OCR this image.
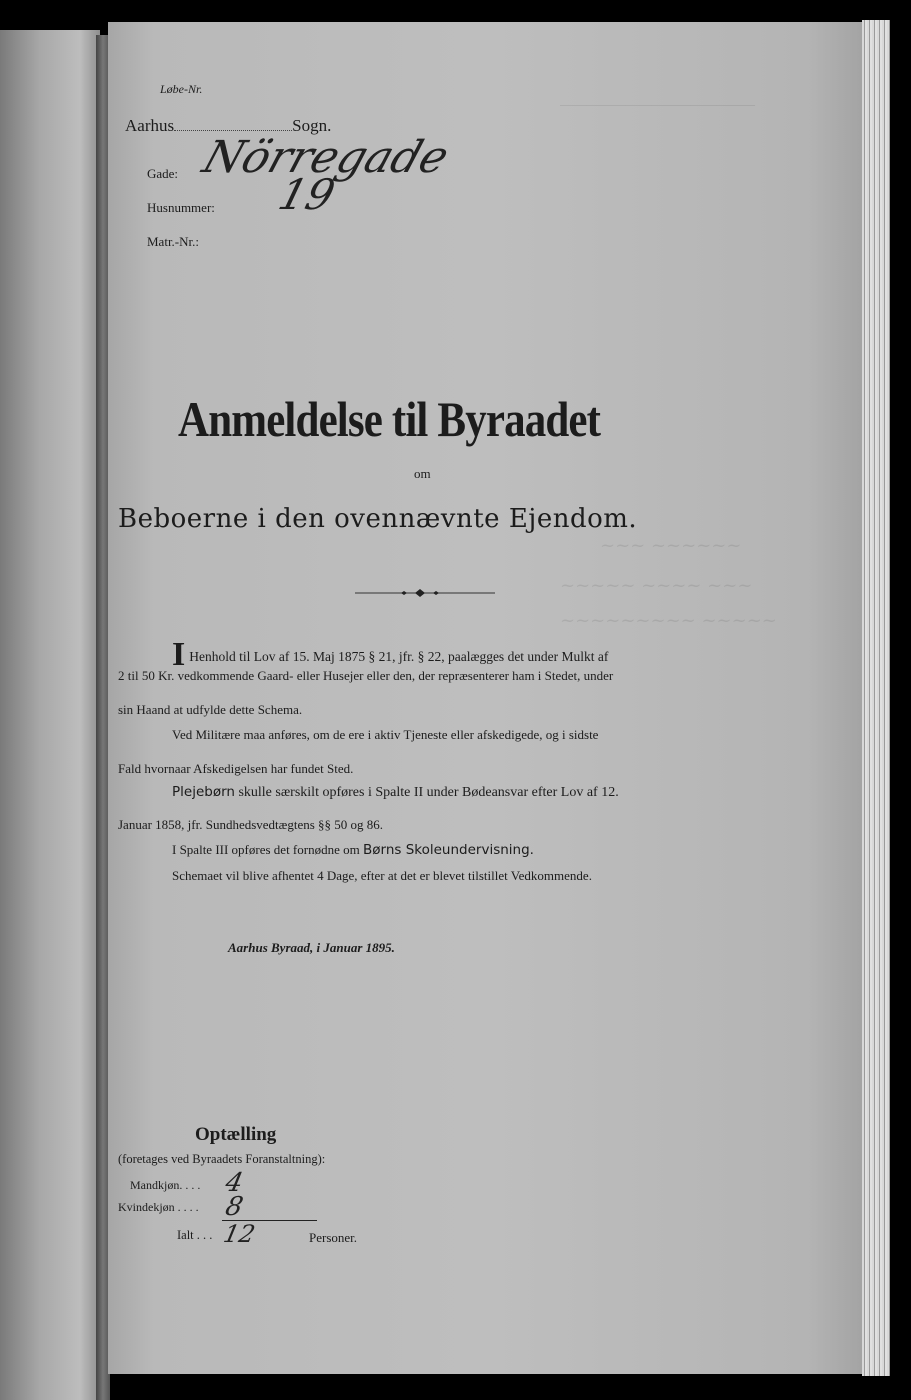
―――――――――――――――
~~~ ~~~~~~
~~~~~ ~~~~ ~~~
~~~~~~~~~ ~~~~~
Løbe-Nr.
Aarhus	Sogn.
Gade: Nörregade
Husnummer: 19
Matr.-Nr.:
Anmeldelse til Byraadet
om
Beboerne i den ovennævnte Ejendom.
I Henhold til Lov af 15. Maj 1875 § 21, jfr. § 22, paalægges det under Mulkt af
2 til 50 Kr. vedkommende Gaard- eller Husejer eller den, der repræsenterer ham i Stedet, under
sin Haand at udfylde dette Schema.
Ved Militære maa anføres, om de ere i aktiv Tjeneste eller afskedigede, og i sidste
Fald hvornaar Afskedigelsen har fundet Sted.
Plejebørn skulle særskilt opføres i Spalte II under Bødeansvar efter Lov af 12.
Januar 1858, jfr. Sundhedsvedtægtens §§ 50 og 86.
I Spalte III opføres det fornødne om Børns Skoleundervisning.
Schemaet vil blive afhentet 4 Dage, efter at det er blevet tilstillet Vedkommende.
Aarhus Byraad, i Januar 1895.
Optælling
(foretages ved Byraadets Foranstaltning):
Mandkjøn. . . . 4
Kvindekjøn . . . . 8
Ialt . . . 12	Personer.
